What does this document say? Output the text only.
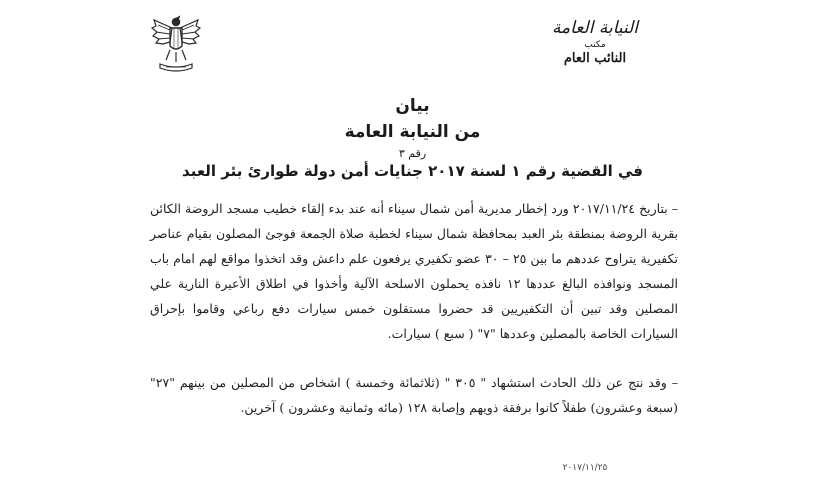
النيابة العامة
مكتب
النائب العام
بيان
من النيابة العامة
رقم ٣
في القضية رقم ١ لسنة ٢٠١٧ جنايات أمن دولة طوارئ بئر العبد

– بتاريخ ٢٠١٧/١١/٢٤ ورد إخطار مديرية أمن شمال سيناء أنه عند بدء إلقاء خطيب مسجد الروضة الكائن بقرية الروضة بمنطقة بئر العبد بمحافظة شمال سيناء لخطبة صلاة الجمعة فوجئ المصلون بقيام عناصر تكفيرية يتراوح عددهم ما بين ٢٥ – ٣٠ عضو تكفيري يرفعون علم داعش وقد اتخذوا مواقع لهم امام باب المسجد ونوافذه البالغ عددها ١٢ نافذه يحملون الاسلحة الآلية وأخذوا في اطلاق الأعيرة النارية علي المصلين وقد تبين أن التكفيريين قد حضروا مستقلون خمس سيارات دفع رباعي وقاموا بإحراق السيارات الخاصة بالمصلين وعددها "٧" ( سبع ) سيارات.

– وقد نتج عن ذلك الحادث استشهاد " ٣٠٥ " (ثلاثمائة وخمسة ) اشخاص من المصلين من بينهم "٢٧" (سبعة وعشرون) طفلاً كانوا برفقة ذويهم وإصابة ١٢٨ (مائه وثمانية وعشرون ) آخرين.

٢٠١٧/١١/٢٥
